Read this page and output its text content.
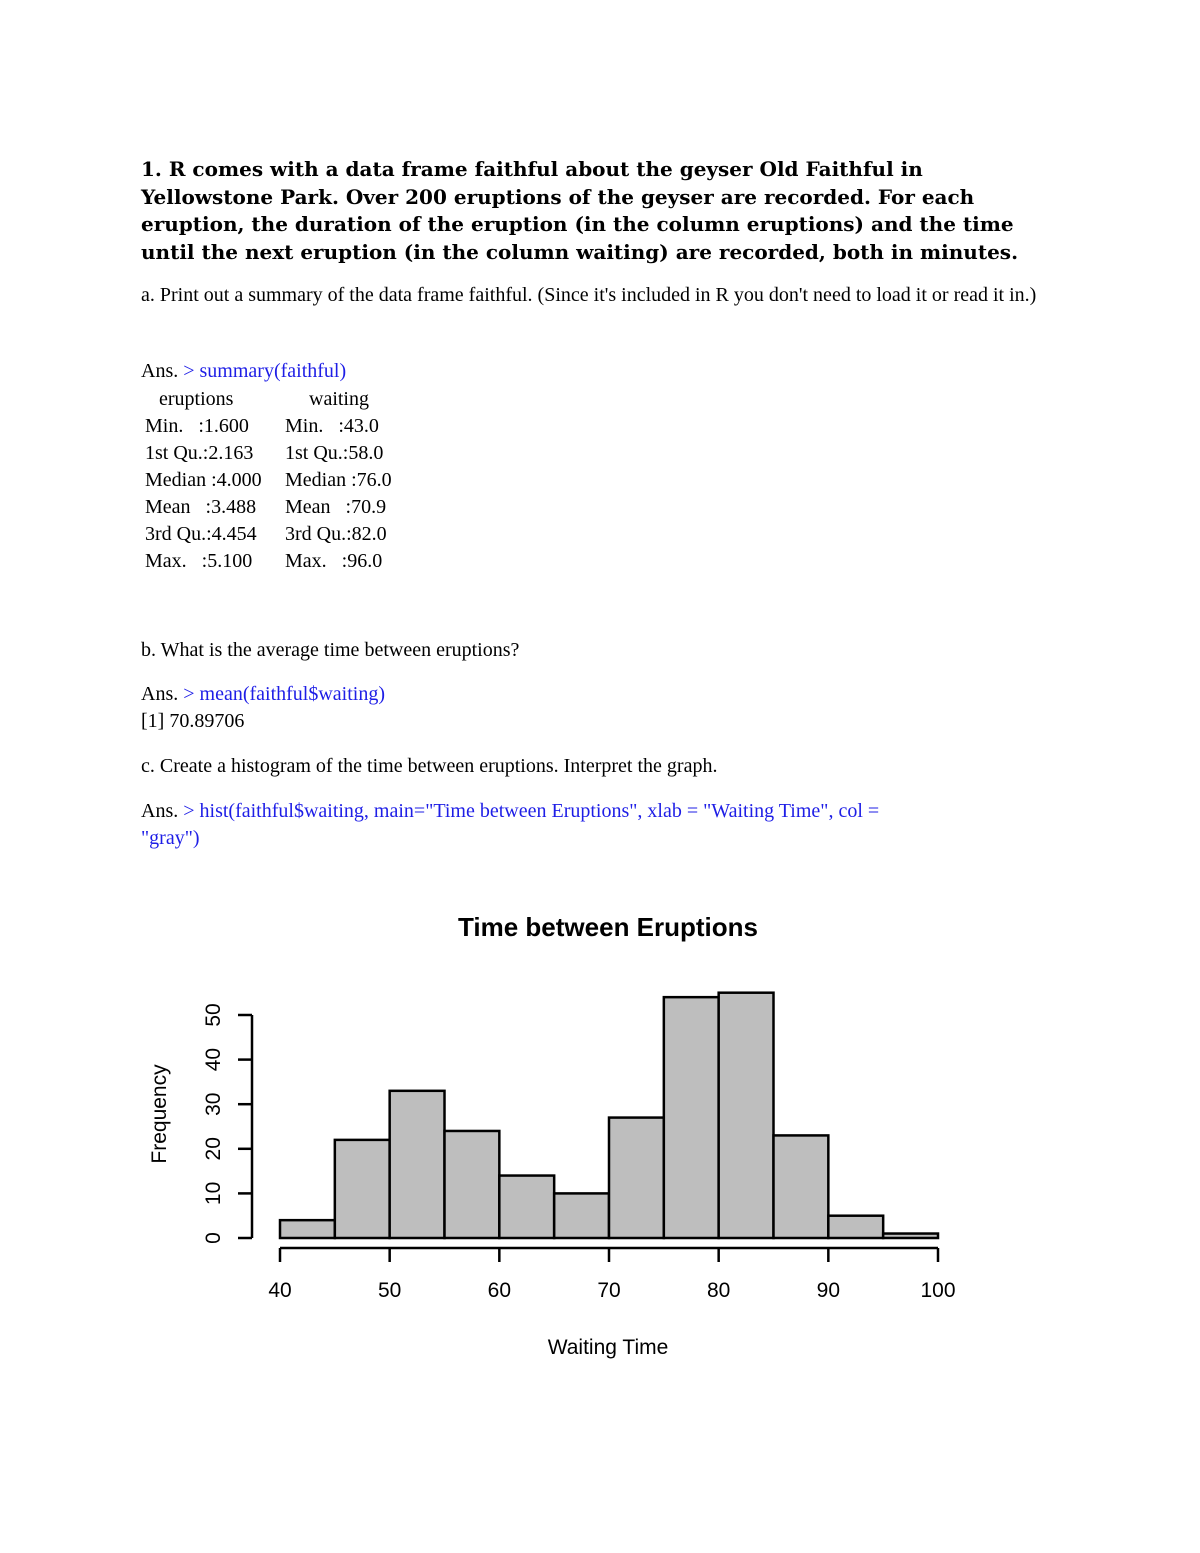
1. R comes with a data frame faithful about the geyser Old Faithful in Yellowstone Park. Over 200 eruptions of the geyser are recorded. For each eruption, the duration of the eruption (in the column eruptions) and the time until the next eruption (in the column waiting) are recorded, both in minutes.

a. Print out a summary of the data frame faithful. (Since it's included in R you don't need to load it or read it in.)

Ans. > summary(faithful)

eruptions	waiting
Min.   :1.600	Min.   :43.0
1st Qu.:2.163	1st Qu.:58.0
Median :4.000	Median :76.0
Mean   :3.488	Mean   :70.9
3rd Qu.:4.454	3rd Qu.:82.0
Max.   :5.100	Max.   :96.0

b. What is the average time between eruptions?

Ans. > mean(faithful$waiting)

[1] 70.89706

c. Create a histogram of the time between eruptions. Interpret the graph.

Ans. > hist(faithful$waiting, main="Time between Eruptions", xlab = "Waiting Time", col =
"gray")

Time between Eruptions
0
10
20
30
40
50
40	50	60	70	80	90	100
Waiting Time
Frequency
